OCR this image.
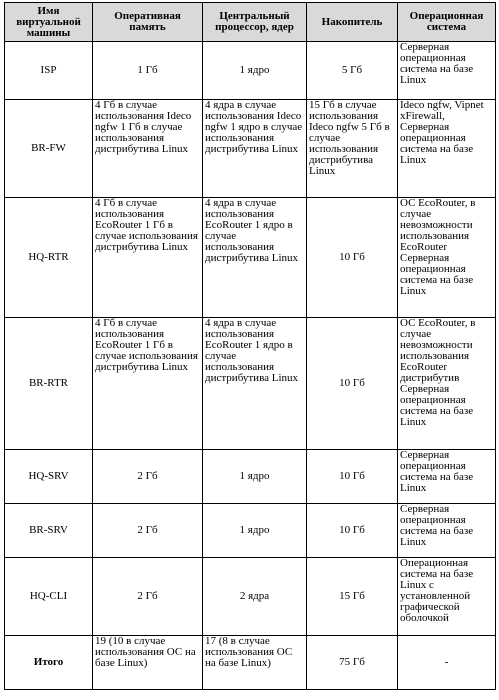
Имя виртуальной машины	Оперативная память	Центральный процессор, ядер	Накопитель	Операционная система
ISP	1 Гб	1 ядро	5 Гб	Серверная операционная система на базе Linux
BR-FW	4 Гб в случае использования Ideco ngfw 1 Гб в случае использования дистрибутива Linux	4 ядра в случае использования Ideco ngfw 1 ядро в случае использования дистрибутива Linux	15 Гб в случае использования Ideco ngfw 5 Гб в случае использования дистрибутива Linux	Ideco ngfw, Vipnet xFirewall, Серверная операционная система на базе Linux
HQ-RTR	4 Гб в случае использования EcoRouter 1 Гб в случае использования дистрибутива Linux	4 ядра в случае использования EcoRouter 1 ядро в случае использования дистрибутива Linux	10 Гб	ОС EcoRouter, в случае невозможности использования EcoRouter Серверная операционная система на базе Linux
BR-RTR	4 Гб в случае использования EcoRouter 1 Гб в случае использования дистрибутива Linux	4 ядра в случае использования EcoRouter 1 ядро в случае использования дистрибутива Linux	10 Гб	ОС EcoRouter, в случае невозможности использования EcoRouter дистрибутив Серверная операционная система на базе Linux
HQ-SRV	2 Гб	1 ядро	10 Гб	Серверная операционная система на базе Linux
BR-SRV	2 Гб	1 ядро	10 Гб	Серверная операционная система на базе Linux
HQ-CLI	2 Гб	2 ядра	15 Гб	Операционная система на базе Linux с установленной графической оболочкой
Итого	19 (10 в случае использования ОС на базе Linux)	17 (8 в случае использования ОС на базе Linux)	75 Гб	-
